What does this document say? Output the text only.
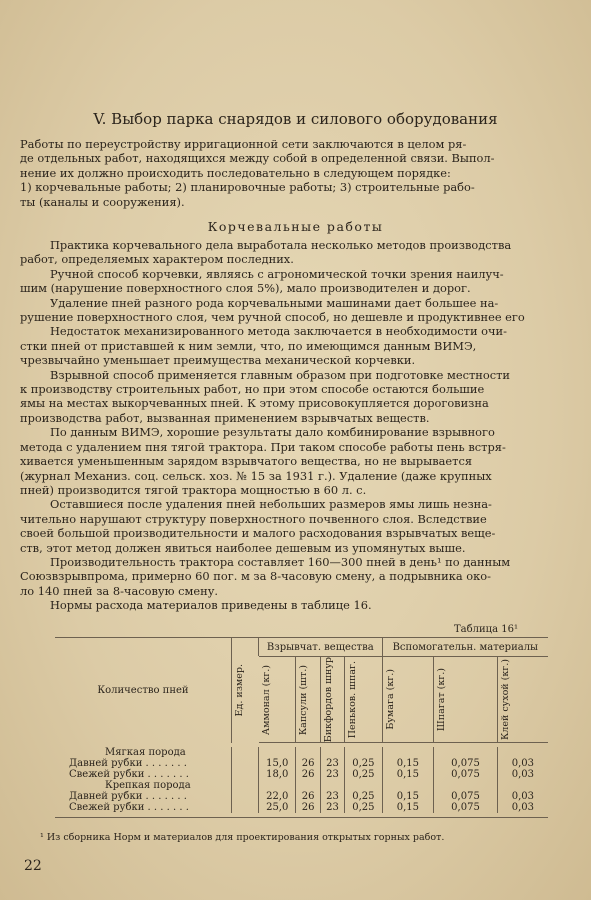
V. Выбор парка снарядов и силового оборудования
Работы по переустройству ирригационной сети заключаются в целом ря-
де отдельных работ, находящихся между собой в определенной связи. Выпол-
нение их должно происходить последовательно в следующем порядке:
1) корчевальные работы; 2) планировочные работы; 3) строительные рабо-
ты (каналы и сооружения).
Корчевальные работы
Практика корчевального дела выработала несколько методов производства
работ, определяемых характером последних.
Ручной способ корчевки, являясь с агрономической точки зрения наилуч-
шим (нарушение поверхностного слоя 5%), мало производителен и дорог.
Удаление пней разного рода корчевальными машинами дает большее на-
рушение поверхностного слоя, чем ручной способ, но дешевле и продуктивнее его
Недостаток механизированного метода заключается в необходимости очи-
стки пней от приставшей к ним земли, что, по имеющимся данным ВИМЭ,
чрезвычайно уменьшает преимущества механической корчевки.
Взрывной способ применяется главным образом при подготовке местности
к производству строительных работ, но при этом способе остаются большие
ямы на местах выкорчеванных пней. К этому присовокупляется дороговизна
производства работ, вызванная применением взрывчатых веществ.
По данным ВИМЭ, хорошие результаты дало комбинирование взрывного
метода с удалением пня тягой трактора. При таком способе работы пень встря-
хивается уменьшенным зарядом взрывчатого вещества, но не вырывается
(журнал Механиз. соц. сельск. хоз. № 15 за 1931 г.). Удаление (даже крупных
пней) производится тягой трактора мощностью в 60 л. с.
Оставшиеся после удаления пней небольших размеров ямы лишь незна-
чительно нарушают структуру поверхностного почвенного слоя. Вследствие
своей большой производительности и малого расходования взрывчатых веще-
ств, этот метод должен явиться наиболее дешевым из упомянутых выше.
Производительность трактора составляет 160—300 пней в день¹ по данным
Союзвзрывпрома, примерно 60 пог. м за 8-часовую смену, а подрывника око-
ло 140 пней за 8-часовую смену.
Нормы расхода материалов приведены в таблице 16.
Таблица 16¹
Количество пней	Ед. измер.	Взрывчат. вещества				Вспомогательн. материалы		

		Аммонал (кг.)	Капсули (шт.)	Бикфордов шнур	Пеньков. шпаг.	Бумага (кг.)	Шпагат (кг.)	Клей сухой (кг.)

Мягкая порода								
Давней рубки . . . . . . .		15,0	26	23	0,25	0,15	0,075	0,03
Свежей рубки . . . . . . .		18,0	26	23	0,25	0,15	0,075	0,03
Крепкая порода								
Давней рубки . . . . . . .		22,0	26	23	0,25	0,15	0,075	0,03
Свежей рубки . . . . . . .		25,0	26	23	0,25	0,15	0,075	0,03

¹ Из сборника Норм и материалов для проектирования открытых горных работ.
22
